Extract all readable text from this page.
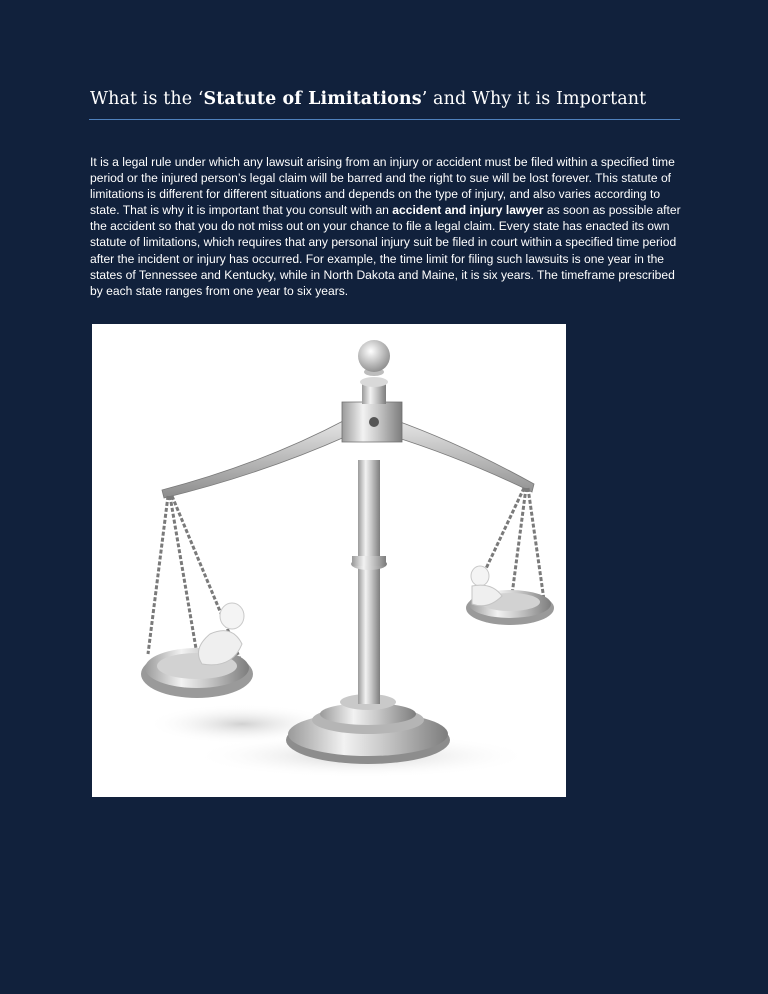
What is the ‘Statute of Limitations’ and Why it is Important
It is a legal rule under which any lawsuit arising from an injury or accident must be filed within a specified time period or the injured person’s legal claim will be barred and the right to sue will be lost forever. This statute of limitations is different for different situations and depends on the type of injury, and also varies according to state. That is why it is important that you consult with an accident and injury lawyer as soon as possible after the accident so that you do not miss out on your chance to file a legal claim. Every state has enacted its own statute of limitations, which requires that any personal injury suit be filed in court within a specified time period after the incident or injury has occurred. For example, the time limit for filing such lawsuits is one year in the states of Tennessee and Kentucky, while in North Dakota and Maine, it is six years. The timeframe prescribed by each state ranges from one year to six years.
